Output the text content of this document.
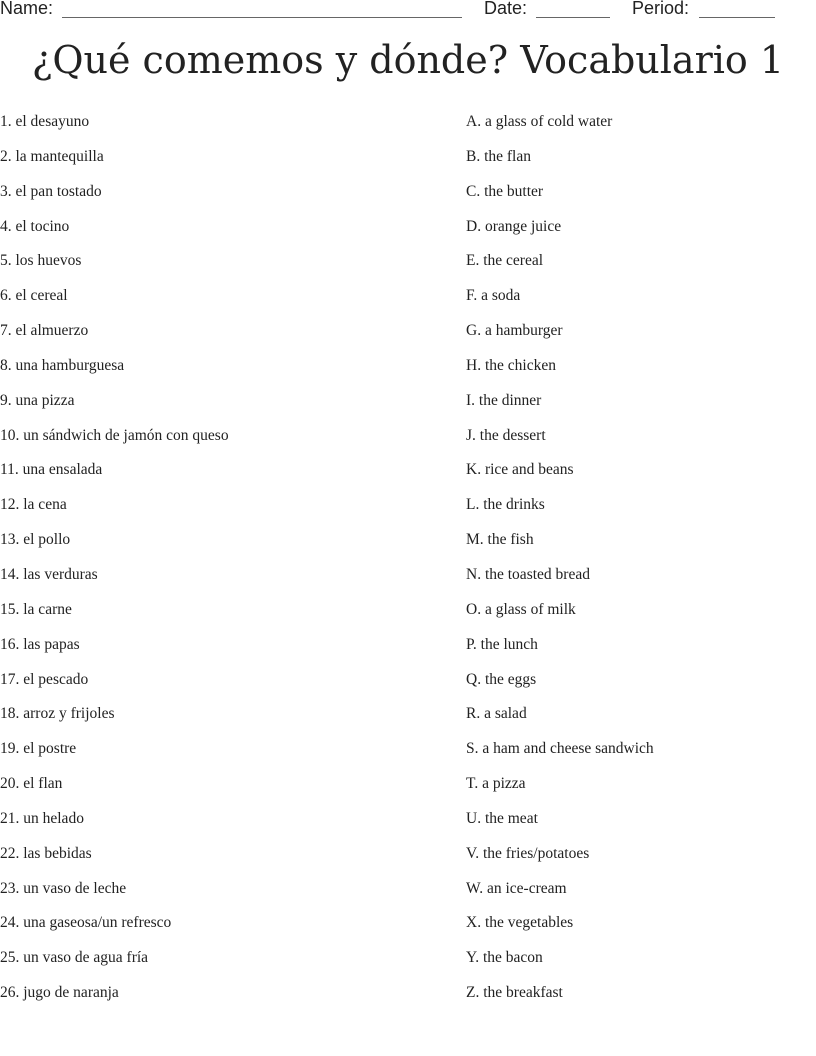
Name:	Date:	Period:
¿Qué comemos y dónde? Vocabulario 1
1. el desayuno
2. la mantequilla
3. el pan tostado
4. el tocino
5. los huevos
6. el cereal
7. el almuerzo
8. una hamburguesa
9. una pizza
10. un sándwich de jamón con queso
11. una ensalada
12. la cena
13. el pollo
14. las verduras
15. la carne
16. las papas
17. el pescado
18. arroz y frijoles
19. el postre
20. el flan
21. un helado
22. las bebidas
23. un vaso de leche
24. una gaseosa/un refresco
25. un vaso de agua fría
26. jugo de naranja
A. a glass of cold water
B. the flan
C. the butter
D. orange juice
E. the cereal
F. a soda
G. a hamburger
H. the chicken
I. the dinner
J. the dessert
K. rice and beans
L. the drinks
M. the fish
N. the toasted bread
O. a glass of milk
P. the lunch
Q. the eggs
R. a salad
S. a ham and cheese sandwich
T. a pizza
U. the meat
V. the fries/potatoes
W. an ice-cream
X. the vegetables
Y. the bacon
Z. the breakfast
